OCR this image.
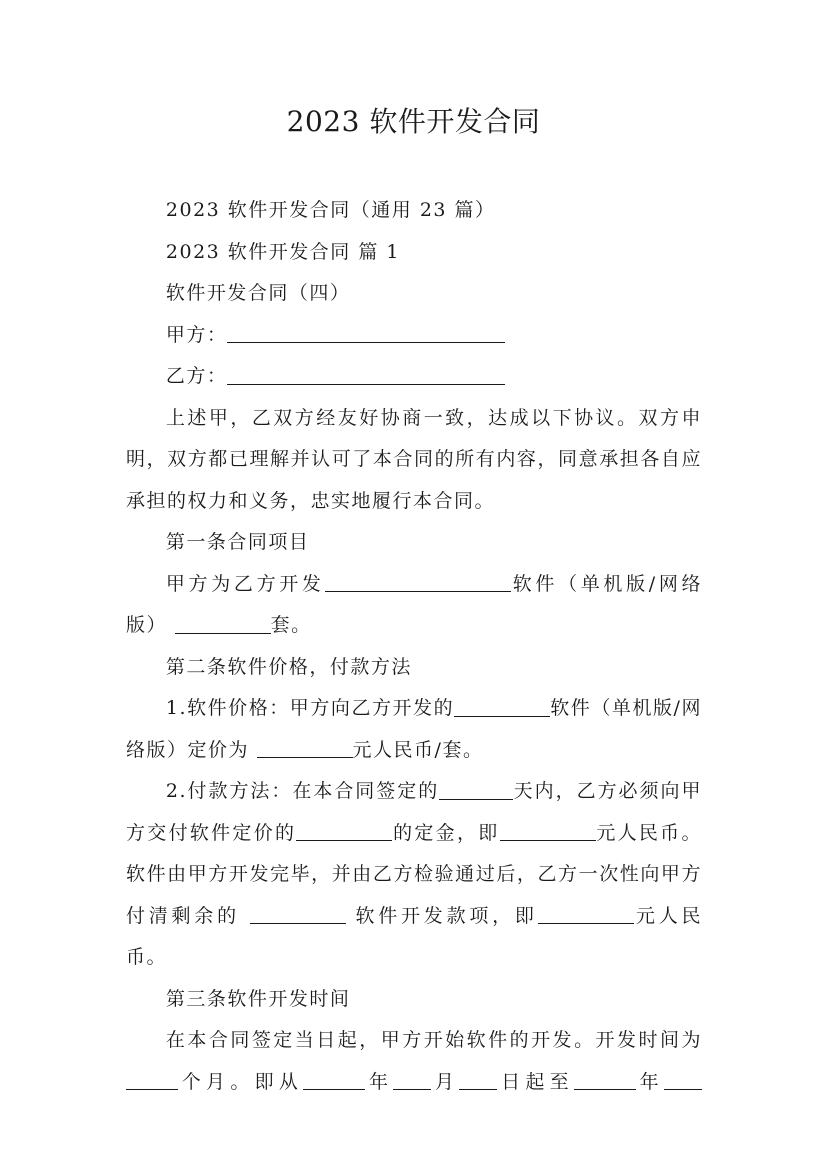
2023 软件开发合同

2023 软件开发合同（通用 23 篇）

2023 软件开发合同 篇 1

软件开发合同（四）

甲方：

乙方：

上述甲，乙双方经友好协商一致，达成以下协议。双方申明，双方都已理解并认可了本合同的所有内容，同意承担各自应承担的权力和义务，忠实地履行本合同。

第一条合同项目

甲方为乙方开发	软件（单机版/网络版）	套。

第二条软件价格，付款方法

1.软件价格：甲方向乙方开发的	软件（单机版/网络版）定价为	元人民币/套。

2.付款方法：在本合同签定的	天内，乙方必须向甲方交付软件定价的	的定金，即	元人民币。软件由甲方开发完毕，并由乙方检验通过后，乙方一次性向甲方付清剩余的	软件开发款项，即	元人民币。

第三条软件开发时间

在本合同签定当日起，甲方开始软件的开发。开发时间为个月。即从	年 月 日起至	年
